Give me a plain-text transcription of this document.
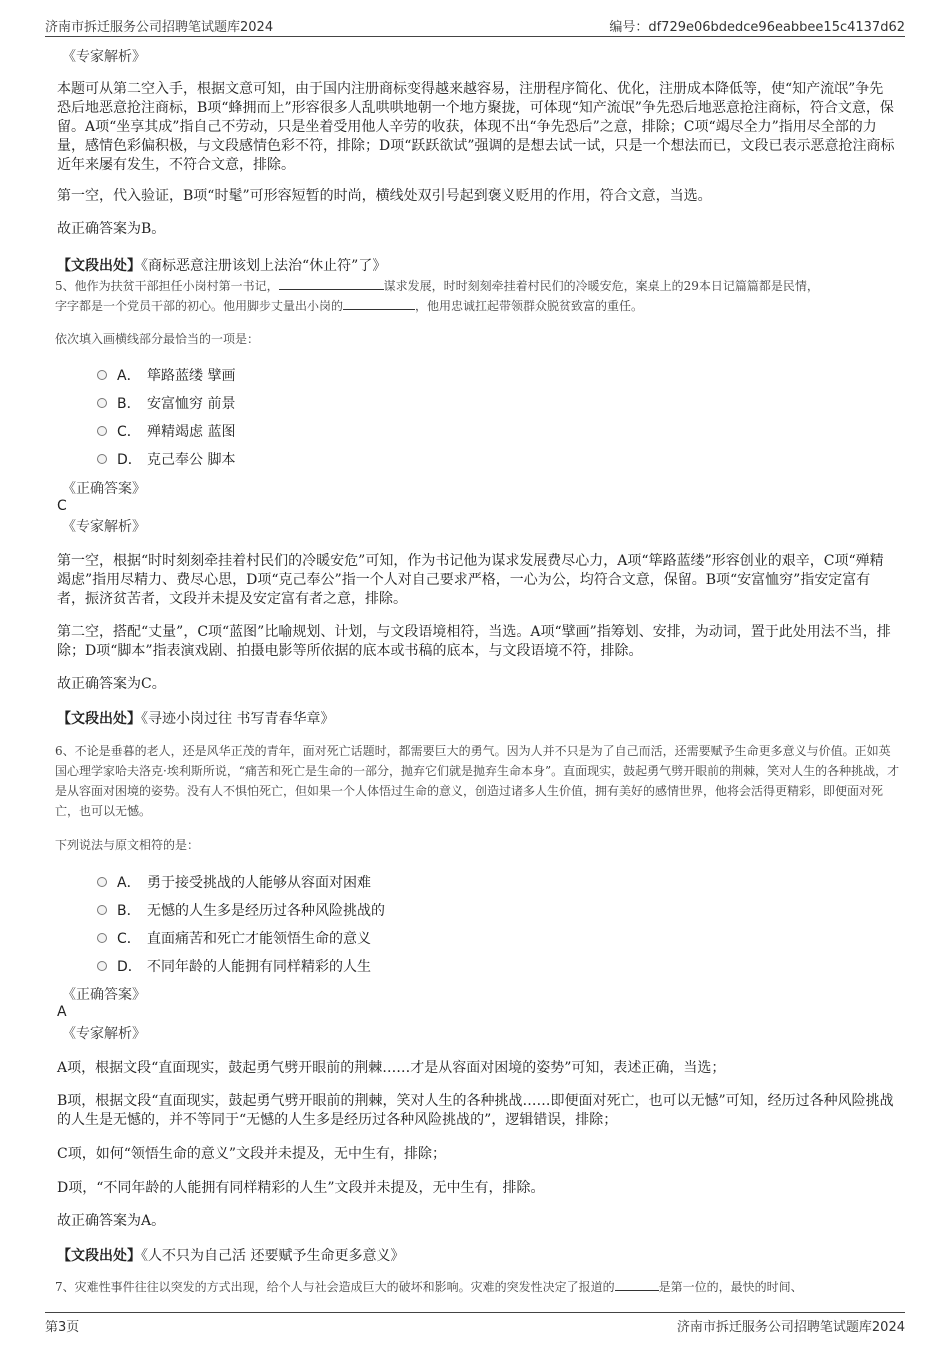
济南市拆迁服务公司招聘笔试题库2024	编号：df729e06bdedce96eabbee15c4137d62
《专家解析》

本题可从第二空入手，根据文意可知，由于国内注册商标变得越来越容易，注册程序简化、优化，注册成本降低等，使“知产流氓”争先恐后地恶意抢注商标，B项“蜂拥而上”形容很多人乱哄哄地朝一个地方聚拢，可体现“知产流氓”争先恐后地恶意抢注商标，符合文意，保留。A项“坐享其成”指自己不劳动，只是坐着受用他人辛劳的收获，体现不出“争先恐后”之意，排除；C项“竭尽全力”指用尽全部的力量，感情色彩偏积极，与文段感情色彩不符，排除；D项“跃跃欲试”强调的是想去试一试，只是一个想法而已，文段已表示恶意抢注商标近年来屡有发生，不符合文意，排除。

第一空，代入验证，B项“时髦”可形容短暂的时尚，横线处双引号起到褒义贬用的作用，符合文意，当选。

故正确答案为B。

【文段出处】《商标恶意注册该划上法治“休止符”了》
5、他作为扶贫干部担任小岗村第一书记，	谋求发展，时时刻刻牵挂着村民们的冷暖安危，案桌上的29本日记篇篇都是民情，
字字都是一个党员干部的初心。他用脚步丈量出小岗的	，他用忠诚扛起带领群众脱贫致富的重任。
依次填入画横线部分最恰当的一项是：
A． 筚路蓝缕 擘画
B． 安富恤穷 前景
C． 殚精竭虑 蓝图
D． 克己奉公 脚本
《正确答案》
C
《专家解析》

第一空，根据“时时刻刻牵挂着村民们的冷暖安危”可知，作为书记他为谋求发展费尽心力，A项“筚路蓝缕”形容创业的艰辛，C项“殚精竭虑”指用尽精力、费尽心思，D项“克己奉公”指一个人对自己要求严格，一心为公，均符合文意，保留。B项“安富恤穷”指安定富有者，振济贫苦者，文段并未提及安定富有者之意，排除。

第二空，搭配“丈量”，C项“蓝图”比喻规划、计划，与文段语境相符，当选。A项“擘画”指筹划、安排，为动词，置于此处用法不当，排除；D项“脚本”指表演戏剧、拍摄电影等所依据的底本或书稿的底本，与文段语境不符，排除。

故正确答案为C。

【文段出处】《寻迹小岗过往 书写青春华章》

6、不论是垂暮的老人，还是风华正茂的青年，面对死亡话题时，都需要巨大的勇气。因为人并不只是为了自己而活，还需要赋予生命更多意义与价值。正如英国心理学家哈夫洛克·埃利斯所说，“痛苦和死亡是生命的一部分，抛弃它们就是抛弃生命本身”。直面现实，鼓起勇气劈开眼前的荆棘，笑对人生的各种挑战，才是从容面对困境的姿势。没有人不惧怕死亡，但如果一个人体悟过生命的意义，创造过诸多人生价值，拥有美好的感情世界，他将会活得更精彩，即便面对死亡，也可以无憾。

下列说法与原文相符的是：
A． 勇于接受挑战的人能够从容面对困难
B． 无憾的人生多是经历过各种风险挑战的
C． 直面痛苦和死亡才能领悟生命的意义
D． 不同年龄的人能拥有同样精彩的人生
《正确答案》
A
《专家解析》

A项，根据文段“直面现实，鼓起勇气劈开眼前的荆棘……才是从容面对困境的姿势”可知，表述正确，当选；

B项，根据文段“直面现实，鼓起勇气劈开眼前的荆棘，笑对人生的各种挑战……即便面对死亡，也可以无憾”可知，经历过各种风险挑战的人生是无憾的，并不等同于“无憾的人生多是经历过各种风险挑战的”，逻辑错误，排除；

C项，如何“领悟生命的意义”文段并未提及，无中生有，排除；

D项，“不同年龄的人能拥有同样精彩的人生”文段并未提及，无中生有，排除。

故正确答案为A。

【文段出处】《人不只为自己活 还要赋予生命更多意义》
7、灾难性事件往往以突发的方式出现，给个人与社会造成巨大的破坏和影响。灾难的突发性决定了报道的	是第一位的，最快的时间、
第3页	济南市拆迁服务公司招聘笔试题库2024
